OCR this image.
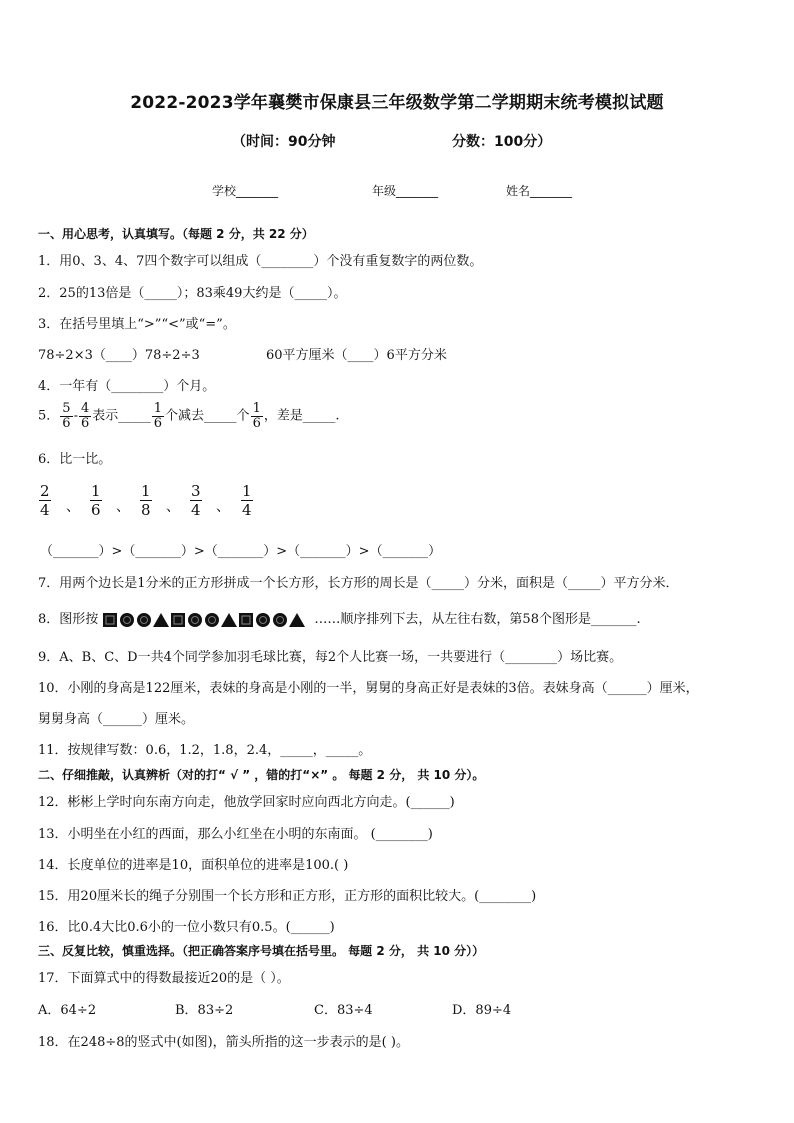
2022-2023学年襄樊市保康县三年级数学第二学期期末统考模拟试题
（时间：90分钟	分数：100分）
学校_______	年级_______	姓名_______
一、用心思考，认真填写。（每题 2 分，共 22 分）
1．用0、3、4、7四个数字可以组成（________）个没有重复数字的两位数。
2．25的13倍是（_____）；83乘49大约是（_____）。
3．在括号里填上“>”“<”或“=”。
78÷2×3（____）78÷2÷3	60平方厘米（____）6平方分米
4．一年有（________）个月。
5． $\frac{5}{6} - \frac{4}{6}$ 表示_____ $\frac{1}{6}$ 个减去_____个 $\frac{1}{6}$ ，差是_____.
6．比一比。
2
4 、
1
6 、
1
8 、
3
4 、
1
4
（_______）>（_______）>（_______）>（_______）>（_______）
7．用两个边长是1分米的正方形拼成一个长方形，长方形的周长是（_____）分米，面积是（_____）平方分米．
8．图形按	……顺序排列下去，从左往右数，第58个图形是_______.
9．A、B、C、D一共4个同学参加羽毛球比赛，每2个人比赛一场，一共要进行（________）场比赛。
10．小刚的身高是122厘米，表妹的身高是小刚的一半，舅舅的身高正好是表妹的3倍。表妹身高（______）厘米，
舅舅身高（______）厘米。
11．按规律写数：0.6，1.2，1.8，2.4，_____，_____。
二、仔细推敲，认真辨析（对的打“ √ ” ，错的打“×” 。 每题 2 分， 共 10 分）。
12．彬彬上学时向东南方向走，他放学回家时应向西北方向走。(______)
13．小明坐在小红的西面，那么小红坐在小明的东南面。 (________)
14．长度单位的进率是10，面积单位的进率是100.( )
15．用20厘米长的绳子分别围一个长方形和正方形，正方形的面积比较大。(________)
16．比0.4大比0.6小的一位小数只有0.5。(______)
三、反复比较，慎重选择。（把正确答案序号填在括号里。 每题 2 分， 共 10 分））
17．下面算式中的得数最接近20的是（ ）。
A．64÷2	B．83÷2	C．83÷4	D．89÷4
18．在248÷8的竖式中(如图)，箭头所指的这一步表示的是( )。
